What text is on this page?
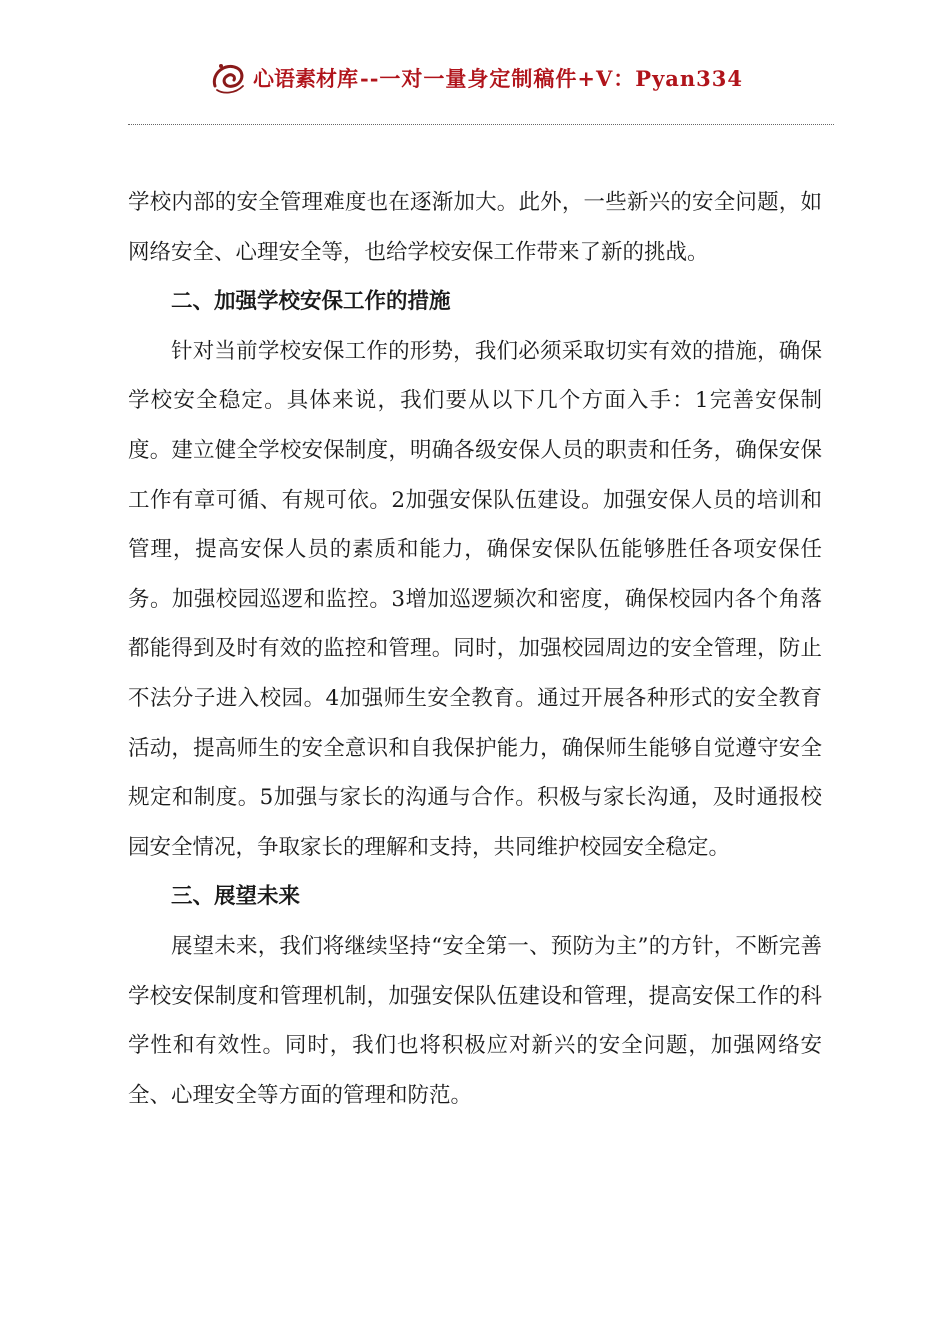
心语素材库 --一对一量身定制稿件+V：Pyan334

学校内部的安全管理难度也在逐渐加大。此外，一些新兴的安全问题，如网络安全、心理安全等，也给学校安保工作带来了新的挑战。

二、加强学校安保工作的措施

针对当前学校安保工作的形势，我们必须采取切实有效的措施，确保学校安全稳定。具体来说，我们要从以下几个方面入手：1完善安保制度。建立健全学校安保制度，明确各级安保人员的职责和任务，确保安保工作有章可循、有规可依。2加强安保队伍建设。加强安保人员的培训和管理，提高安保人员的素质和能力，确保安保队伍能够胜任各项安保任务。加强校园巡逻和监控。3增加巡逻频次和密度，确保校园内各个角落都能得到及时有效的监控和管理。同时，加强校园周边的安全管理，防止不法分子进入校园。4加强师生安全教育。通过开展各种形式的安全教育活动，提高师生的安全意识和自我保护能力，确保师生能够自觉遵守安全规定和制度。5加强与家长的沟通与合作。积极与家长沟通，及时通报校园安全情况，争取家长的理解和支持，共同维护校园安全稳定。

三、展望未来

展望未来，我们将继续坚持“安全第一、预防为主”的方针，不断完善学校安保制度和管理机制，加强安保队伍建设和管理，提高安保工作的科学性和有效性。同时，我们也将积极应对新兴的安全问题，加强网络安全、心理安全等方面的管理和防范。
